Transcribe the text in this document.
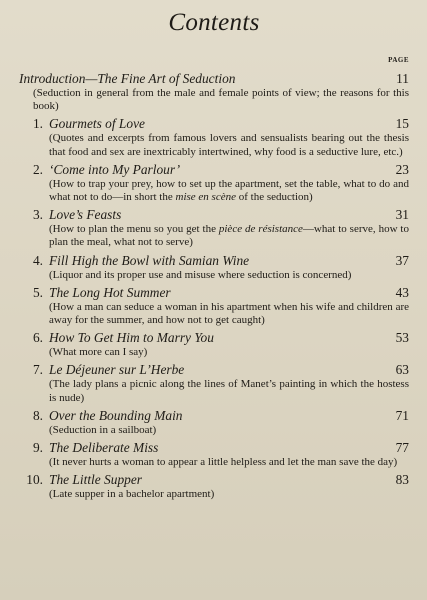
Contents
PAGE
Introduction—The Fine Art of Seduction	11
(Seduction in general from the male and female points of view; the reasons for this book)
1. Gourmets of Love	15
(Quotes and excerpts from famous lovers and sensualists bearing out the thesis that food and sex are inextricably intertwined, why food is a seductive lure, etc.)
2. ‘Come into My Parlour’	23
(How to trap your prey, how to set up the apartment, set the table, what to do and what not to do—in short the mise en scène of the seduction)
3. Love’s Feasts	31
(How to plan the menu so you get the pièce de résistance—what to serve, how to plan the meal, what not to serve)
4. Fill High the Bowl with Samian Wine	37
(Liquor and its proper use and misuse where seduction is concerned)
5. The Long Hot Summer	43
(How a man can seduce a woman in his apartment when his wife and children are away for the summer, and how not to get caught)
6. How To Get Him to Marry You	53
(What more can I say)
7. Le Déjeuner sur L’Herbe	63
(The lady plans a picnic along the lines of Manet’s painting in which the hostess is nude)
8. Over the Bounding Main	71
(Seduction in a sailboat)
9. The Deliberate Miss	77
(It never hurts a woman to appear a little helpless and let the man save the day)
10. The Little Supper	83
(Late supper in a bachelor apartment)
